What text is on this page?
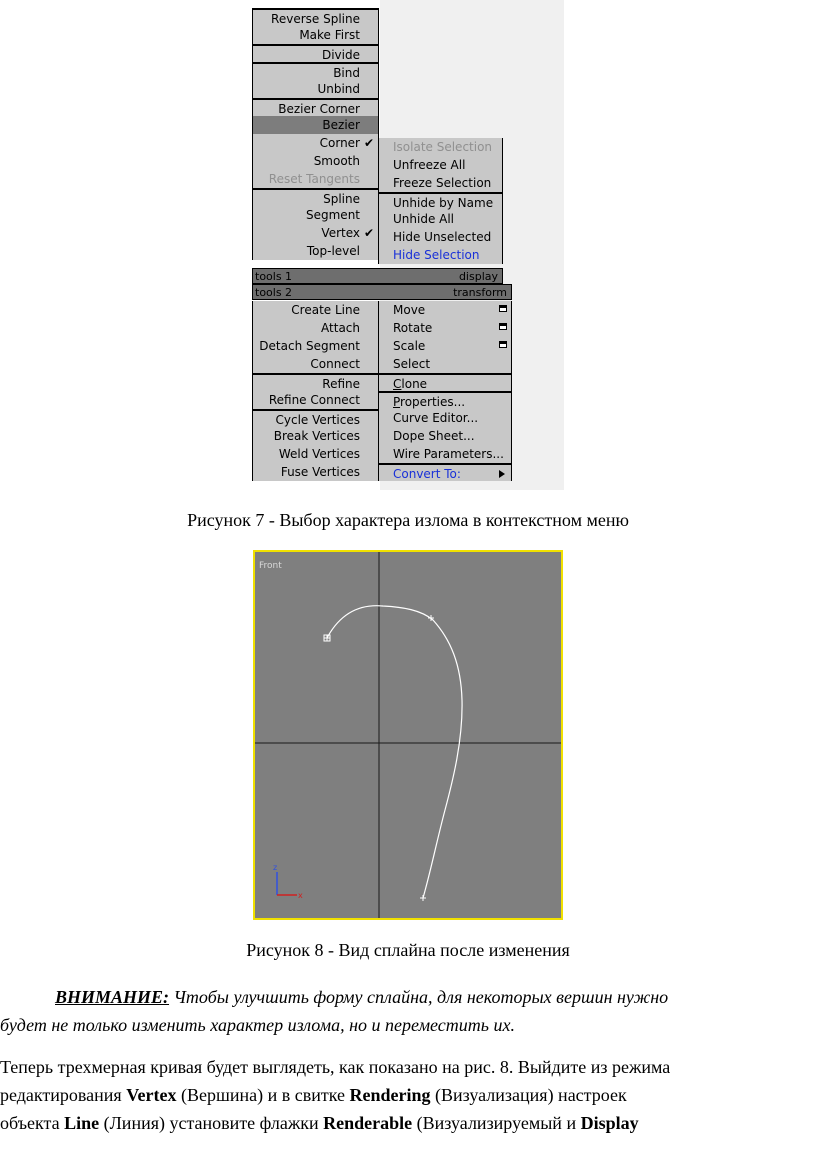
Reverse Spline
Make First
Divide
Bind
Unbind
Bezier Corner
Bezier
Corner ✔
Smooth
Reset Tangents
Spline
Segment
Vertex ✔
Top-level
Isolate Selection
Unfreeze All
Freeze Selection
Unhide by Name
Unhide All
Hide Unselected
Hide Selection
tools 1	display
tools 2	transform
Create Line
Attach
Detach Segment
Connect
Refine
Refine Connect
Cycle Vertices
Break Vertices
Weld Vertices
Fuse Vertices
Move
Rotate
Scale
Select
Clone
Properties...
Curve Editor...
Dope Sheet...
Wire Parameters...
Convert To:
Рисунок 7 - Выбор характера излома в контекстном меню
Front
z
x
Рисунок 8 - Вид сплайна после изменения
ВНИМАНИЕ: Чтобы улучшить форму сплайна, для некоторых вершин нужно
будет не только изменить характер излома, но и переместить их.
Теперь трехмерная кривая будет выглядеть, как показано на рис. 8. Выйдите из режима
редактирования Vertex (Вершина) и в свитке Rendering (Визуализация) настроек
объекта Line (Линия) установите флажки Renderable (Визуализируемый и Display
